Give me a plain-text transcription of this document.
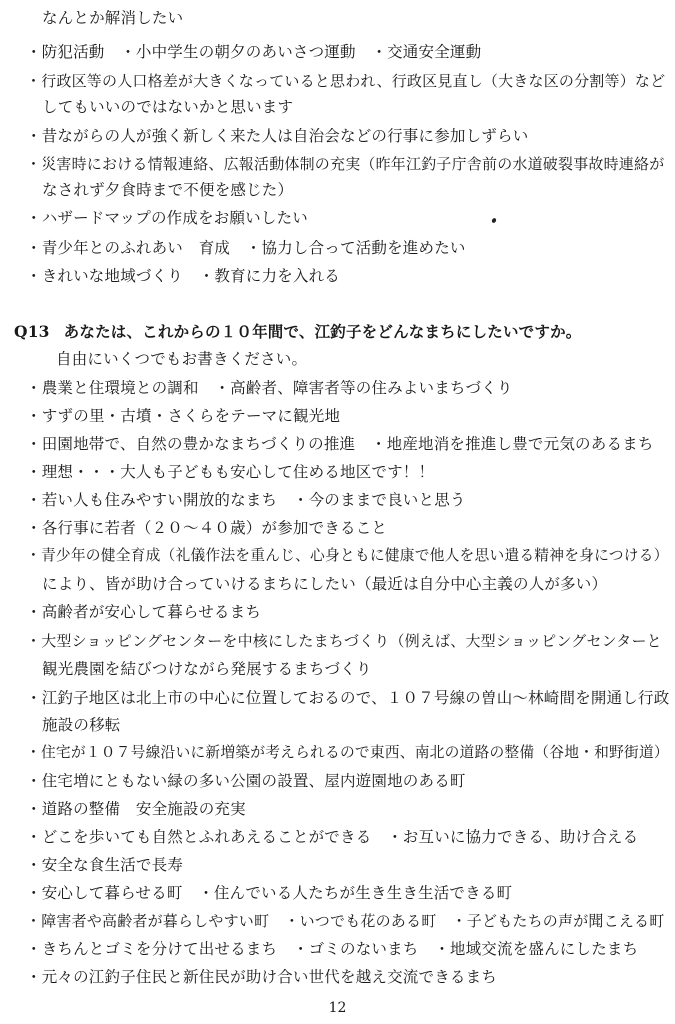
なんとか解消したい
・防犯活動　・小中学生の朝夕のあいさつ運動　・交通安全運動
・行政区等の人口格差が大きくなっていると思われ、行政区見直し（大きな区の分割等）など
してもいいのではないかと思います
・昔ながらの人が強く新しく来た人は自治会などの行事に参加しずらい
・災害時における情報連絡、広報活動体制の充実（昨年江釣子庁舎前の水道破裂事故時連絡が
なされず夕食時まで不便を感じた）
・ハザードマップの作成をお願いしたい
・青少年とのふれあい　育成　・協力し合って活動を進めたい
・きれいな地域づくり　・教育に力を入れる
Q13 あなたは、これからの１０年間で、江釣子をどんなまちにしたいですか。
自由にいくつでもお書きください。
・農業と住環境との調和　・高齢者、障害者等の住みよいまちづくり
・すずの里・古墳・さくらをテーマに観光地
・田園地帯で、自然の豊かなまちづくりの推進　・地産地消を推進し豊で元気のあるまち
・理想・・・大人も子どもも安心して住める地区です！！
・若い人も住みやすい開放的なまち　・今のままで良いと思う
・各行事に若者（２０～４０歳）が参加できること
・青少年の健全育成（礼儀作法を重んじ、心身ともに健康で他人を思い遣る精神を身につける）
により、皆が助け合っていけるまちにしたい（最近は自分中心主義の人が多い）
・高齢者が安心して暮らせるまち
・大型ショッピングセンターを中核にしたまちづくり（例えば、大型ショッピングセンターと
観光農園を結びつけながら発展するまちづくり
・江釣子地区は北上市の中心に位置しておるので、１０７号線の曽山～林崎間を開通し行政
施設の移転
・住宅が１０７号線沿いに新増築が考えられるので東西、南北の道路の整備（谷地・和野街道）
・住宅増にともない緑の多い公園の設置、屋内遊園地のある町
・道路の整備　安全施設の充実
・どこを歩いても自然とふれあえることができる　・お互いに協力できる、助け合える
・安全な食生活で長寿
・安心して暮らせる町　・住んでいる人たちが生き生き生活できる町
・障害者や高齢者が暮らしやすい町　・いつでも花のある町　・子どもたちの声が聞こえる町
・きちんとゴミを分けて出せるまち　・ゴミのないまち　・地域交流を盛んにしたまち
・元々の江釣子住民と新住民が助け合い世代を越え交流できるまち
12
